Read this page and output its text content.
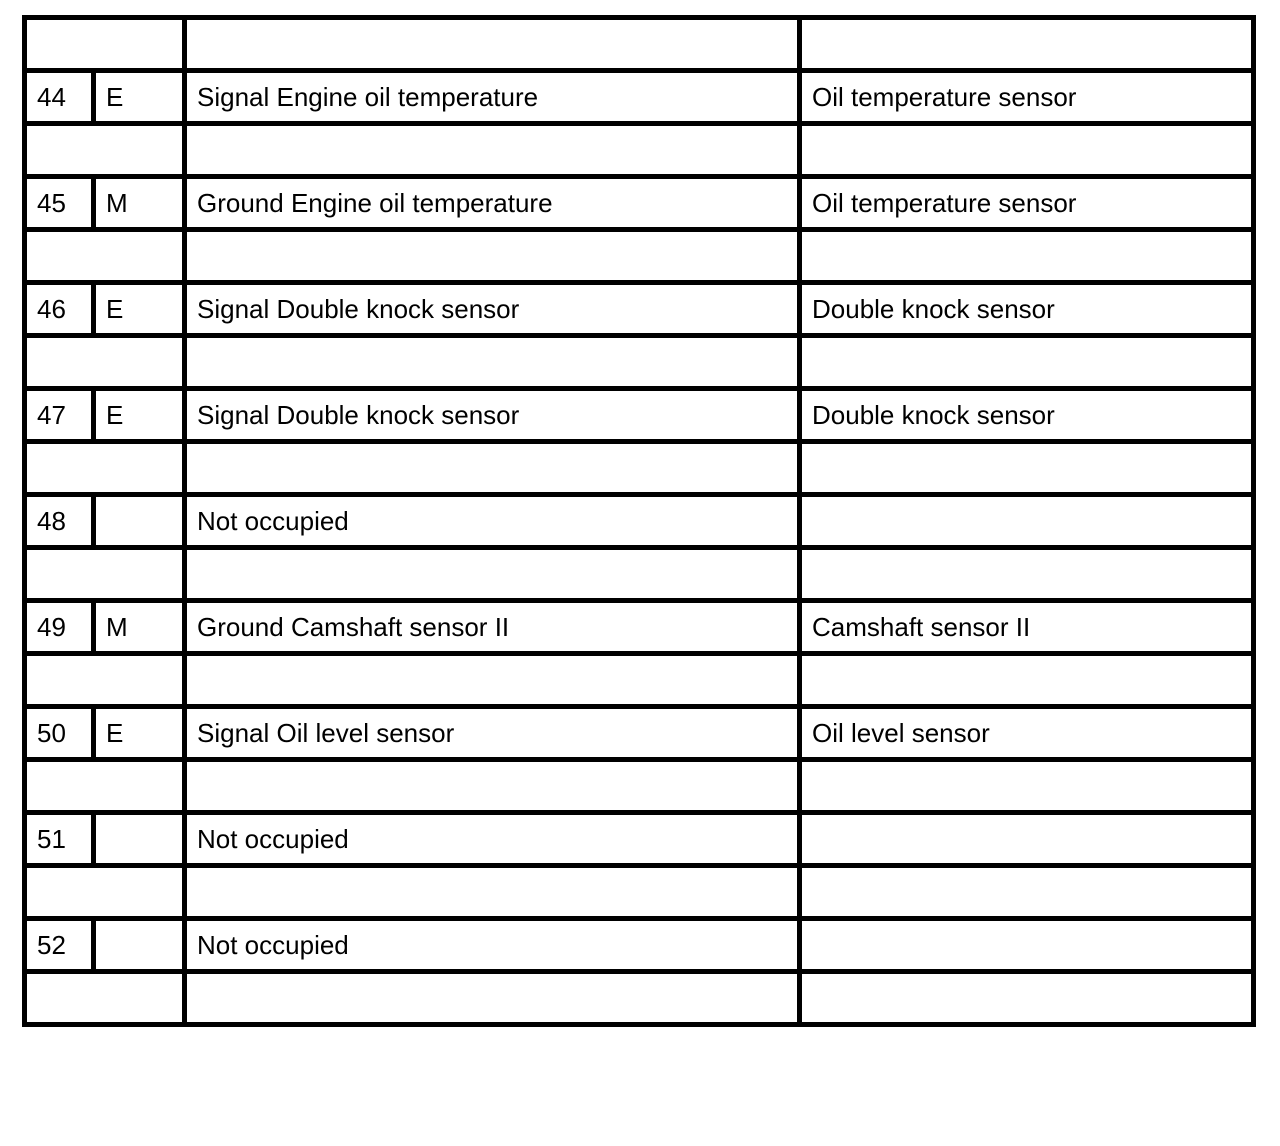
44	E	Signal Engine oil temperature	Oil temperature sensor

45	M	Ground Engine oil temperature	Oil temperature sensor

46	E	Signal Double knock sensor	Double knock sensor

47	E	Signal Double knock sensor	Double knock sensor

48		Not occupied	

49	M	Ground Camshaft sensor II	Camshaft sensor II

50	E	Signal Oil level sensor	Oil level sensor

51		Not occupied	

52		Not occupied	
